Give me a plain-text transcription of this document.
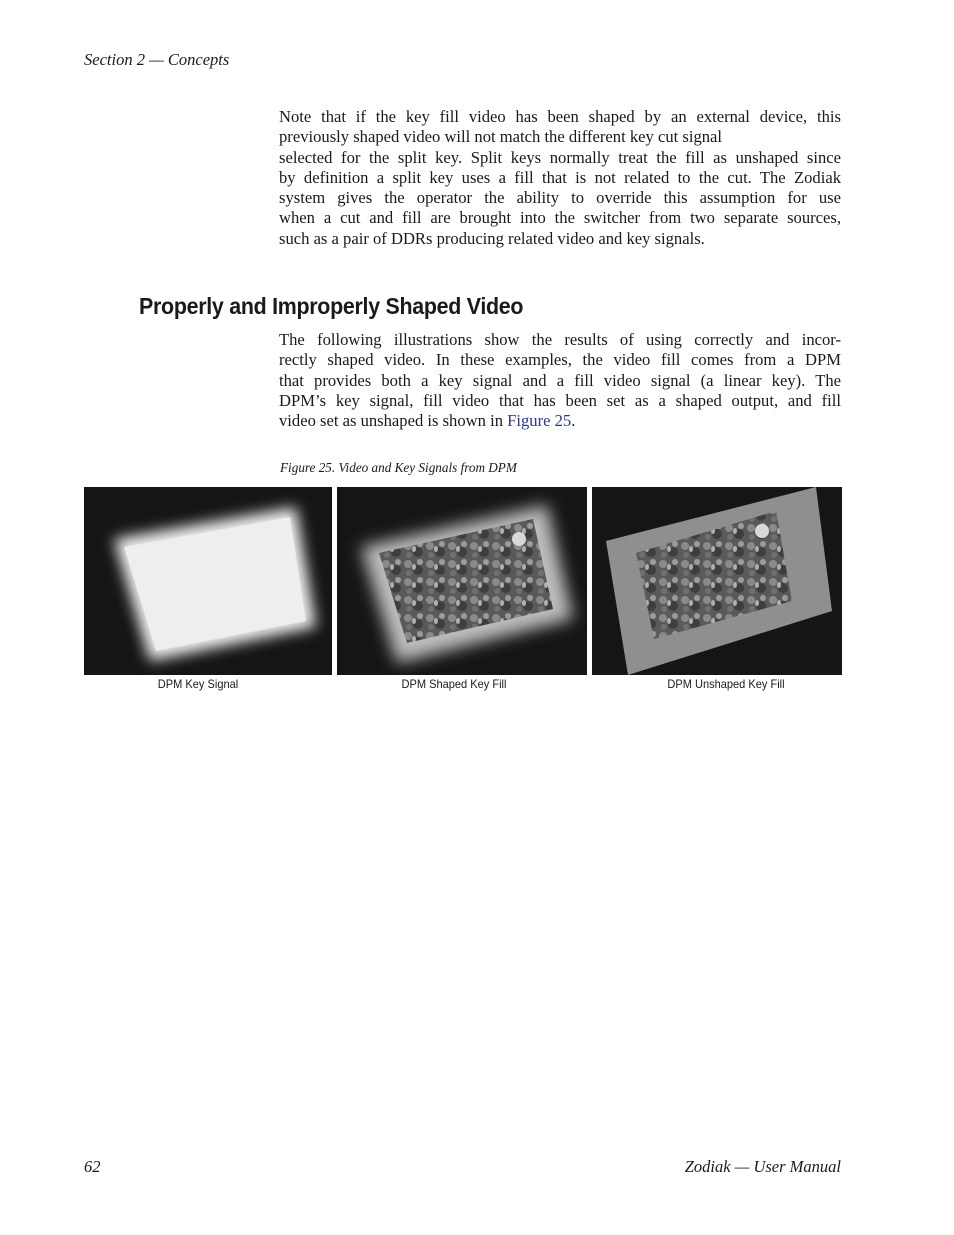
Section 2 — Concepts
Note that if the key fill video has been shaped by an external device, this
previously shaped video will not match the different key cut signal
selected for the split key. Split keys normally treat the fill as unshaped since
by definition a split key uses a fill that is not related to the cut. The Zodiak
system gives the operator the ability to override this assumption for use
when a cut and fill are brought into the switcher from two separate sources,
such as a pair of DDRs producing related video and key signals.
Properly and Improperly Shaped Video
The following illustrations show the results of using correctly and incor-
rectly shaped video. In these examples, the video fill comes from a DPM
that provides both a key signal and a fill video signal (a linear key). The
DPM’s key signal, fill video that has been set as a shaped output, and fill
video set as unshaped is shown in Figure 25.
Figure 25. Video and Key Signals from DPM
DPM Key Signal	DPM Shaped Key Fill	DPM Unshaped Key Fill
62	Zodiak — User Manual
